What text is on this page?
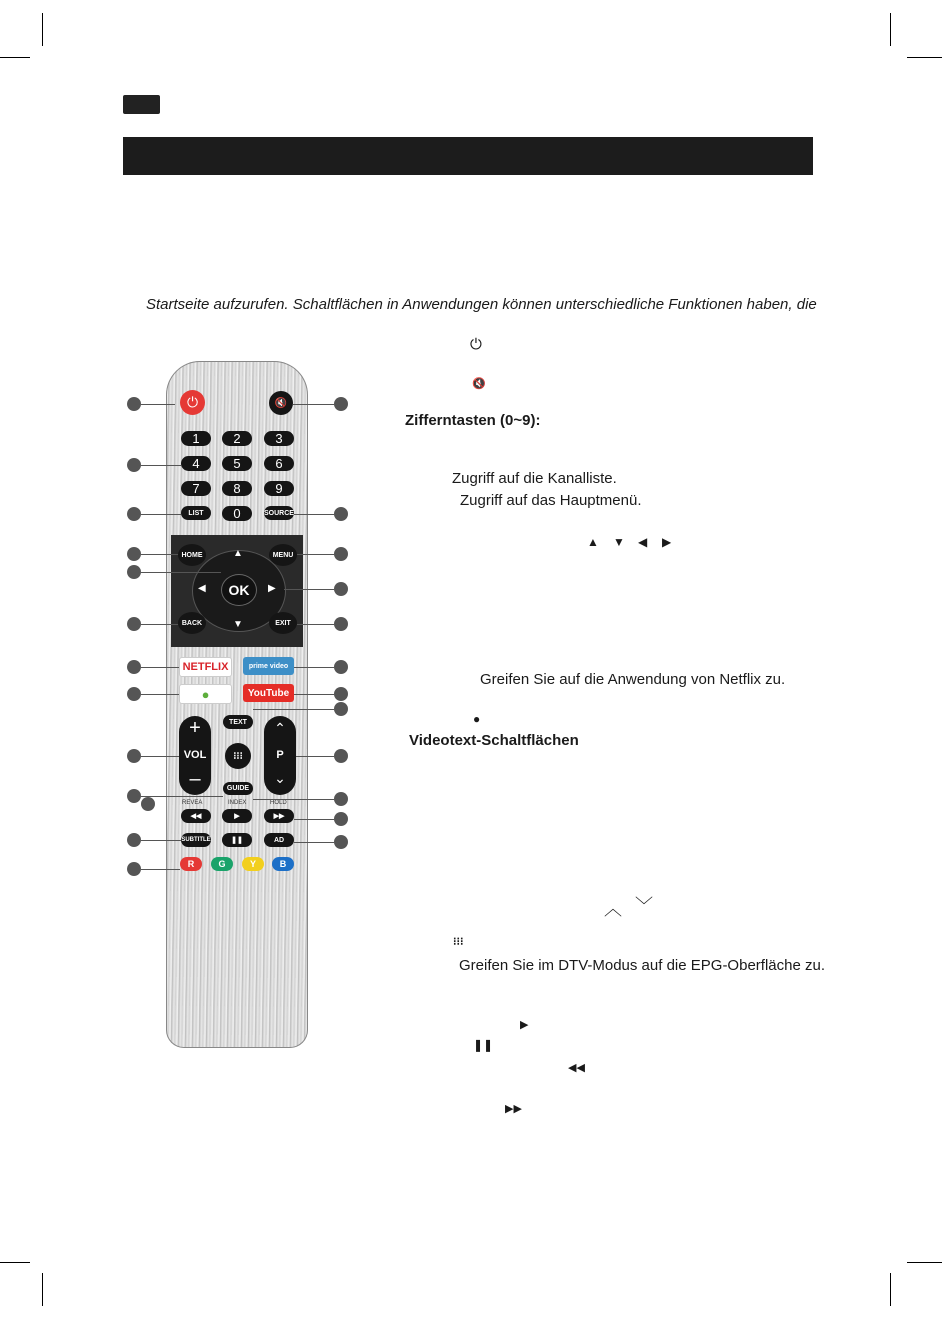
Startseite aufzurufen. Schaltflächen in Anwendungen können unterschiedliche Funktionen haben, die
⏻	🔇
1	2	3
4	5	6
7	8	9
LIST	0	SOURCE
HOME	MENU
BACK	EXIT
OK
▲
▼
◀	▶
NETFLIX	prime video
●	YouTube
TEXT
+
VOL
–
⌃
P
⌄
⁝⁝⁝
GUIDE
REVEA	INDEX	HOLD
◀◀	▶	▶▶
SUBTITLE	❚❚	AD
R	G	Y	B
⏻
🔇
Zifferntasten (0~9):
Zugriff auf die Kanalliste.
Zugriff auf das Hauptmenü.
▲ ▼ ◀ ▶
Greifen Sie auf die Anwendung von Netflix zu.
●
Videotext-Schaltflächen
︿ ﹀
⁝⁝⁝
Greifen Sie im DTV-Modus auf die EPG-Oberfläche zu.
▶
❚❚
◀◀
▶▶
